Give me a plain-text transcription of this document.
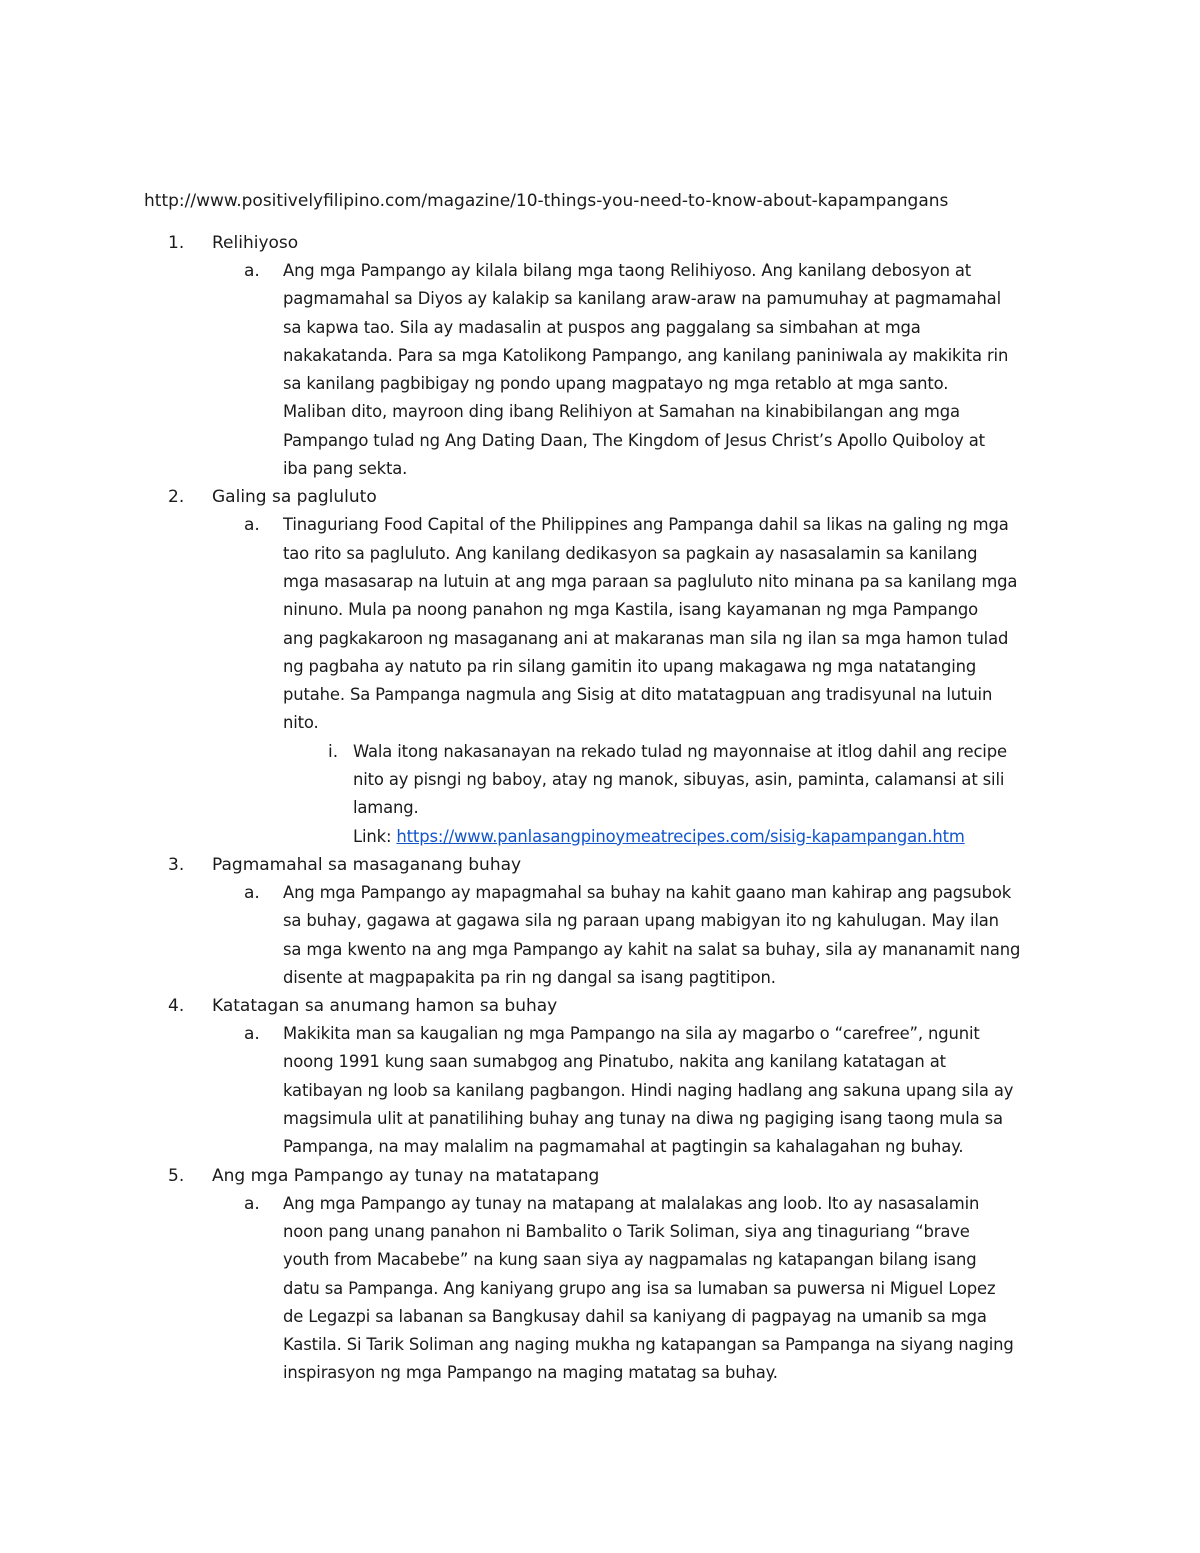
http://www.positivelyfilipino.com/magazine/10-things-you-need-to-know-about-kapampangans
1.	Relihiyoso
a. Ang mga Pampango ay kilala bilang mga taong Relihiyoso. Ang kanilang debosyon at
pagmamahal sa Diyos ay kalakip sa kanilang araw-araw na pamumuhay at pagmamahal
sa kapwa tao. Sila ay madasalin at puspos ang paggalang sa simbahan at mga
nakakatanda. Para sa mga Katolikong Pampango, ang kanilang paniniwala ay makikita rin
sa kanilang pagbibigay ng pondo upang magpatayo ng mga retablo at mga santo.
Maliban dito, mayroon ding ibang Relihiyon at Samahan na kinabibilangan ang mga
Pampango tulad ng Ang Dating Daan, The Kingdom of Jesus Christ’s Apollo Quiboloy at
iba pang sekta.
2.	Galing sa pagluluto
a. Tinaguriang Food Capital of the Philippines ang Pampanga dahil sa likas na galing ng mga
tao rito sa pagluluto. Ang kanilang dedikasyon sa pagkain ay nasasalamin sa kanilang
mga masasarap na lutuin at ang mga paraan sa pagluluto nito minana pa sa kanilang mga
ninuno. Mula pa noong panahon ng mga Kastila, isang kayamanan ng mga Pampango
ang pagkakaroon ng masaganang ani at makaranas man sila ng ilan sa mga hamon tulad
ng pagbaha ay natuto pa rin silang gamitin ito upang makagawa ng mga natatanging
putahe. Sa Pampanga nagmula ang Sisig at dito matatagpuan ang tradisyunal na lutuin
nito.
i. Wala itong nakasanayan na rekado tulad ng mayonnaise at itlog dahil ang recipe
nito ay pisngi ng baboy, atay ng manok, sibuyas, asin, paminta, calamansi at sili
lamang.
Link: https://www.panlasangpinoymeatrecipes.com/sisig-kapampangan.htm
3.	Pagmamahal sa masaganang buhay
a. Ang mga Pampango ay mapagmahal sa buhay na kahit gaano man kahirap ang pagsubok
sa buhay, gagawa at gagawa sila ng paraan upang mabigyan ito ng kahulugan. May ilan
sa mga kwento na ang mga Pampango ay kahit na salat sa buhay, sila ay mananamit nang
disente at magpapakita pa rin ng dangal sa isang pagtitipon.
4.	Katatagan sa anumang hamon sa buhay
a. Makikita man sa kaugalian ng mga Pampango na sila ay magarbo o “carefree”, ngunit
noong 1991 kung saan sumabgog ang Pinatubo, nakita ang kanilang katatagan at
katibayan ng loob sa kanilang pagbangon. Hindi naging hadlang ang sakuna upang sila ay
magsimula ulit at panatilihing buhay ang tunay na diwa ng pagiging isang taong mula sa
Pampanga, na may malalim na pagmamahal at pagtingin sa kahalagahan ng buhay.
5.	Ang mga Pampango ay tunay na matatapang
a. Ang mga Pampango ay tunay na matapang at malalakas ang loob. Ito ay nasasalamin
noon pang unang panahon ni Bambalito o Tarik Soliman, siya ang tinaguriang “brave
youth from Macabebe” na kung saan siya ay nagpamalas ng katapangan bilang isang
datu sa Pampanga. Ang kaniyang grupo ang isa sa lumaban sa puwersa ni Miguel Lopez
de Legazpi sa labanan sa Bangkusay dahil sa kaniyang di pagpayag na umanib sa mga
Kastila. Si Tarik Soliman ang naging mukha ng katapangan sa Pampanga na siyang naging
inspirasyon ng mga Pampango na maging matatag sa buhay.
